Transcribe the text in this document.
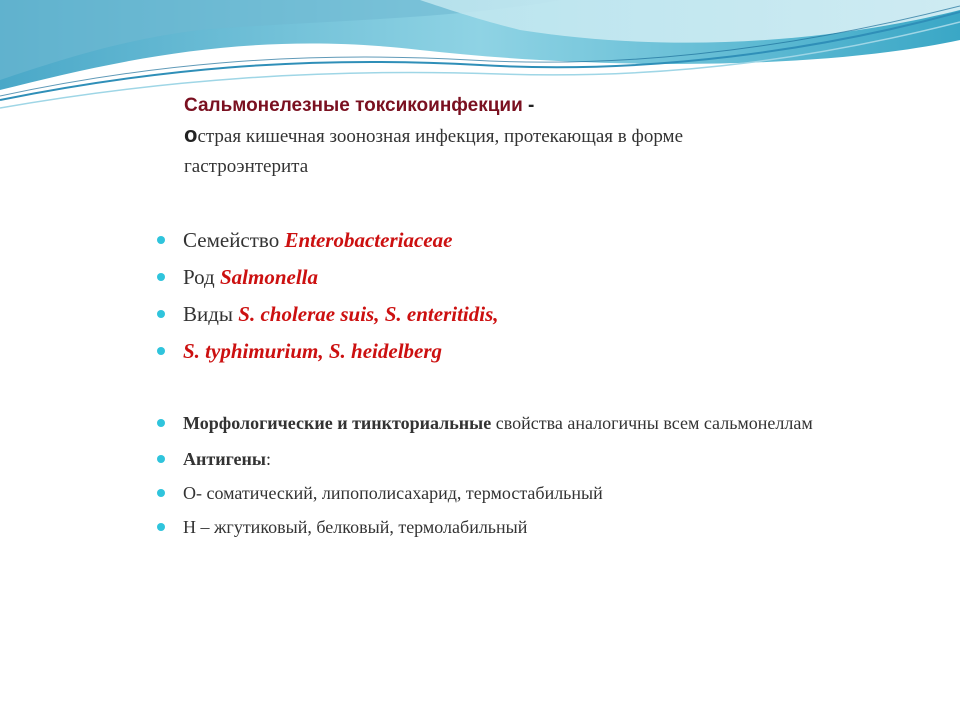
Сальмонелезные токсикоинфекции -
острая кишечная зоонозная инфекция, протекающая в форме
гастроэнтерита
Семейство Enterobacteriaceae
Род Salmonella
Виды S. cholerae suis, S. enteritidis,
S. typhimurium, S. heidelberg
Морфологические и тинкториальные свойства аналогичны всем сальмонеллам
Антигены:
О- соматический, липополисахарид, термостабильный
Н – жгутиковый, белковый, термолабильный
